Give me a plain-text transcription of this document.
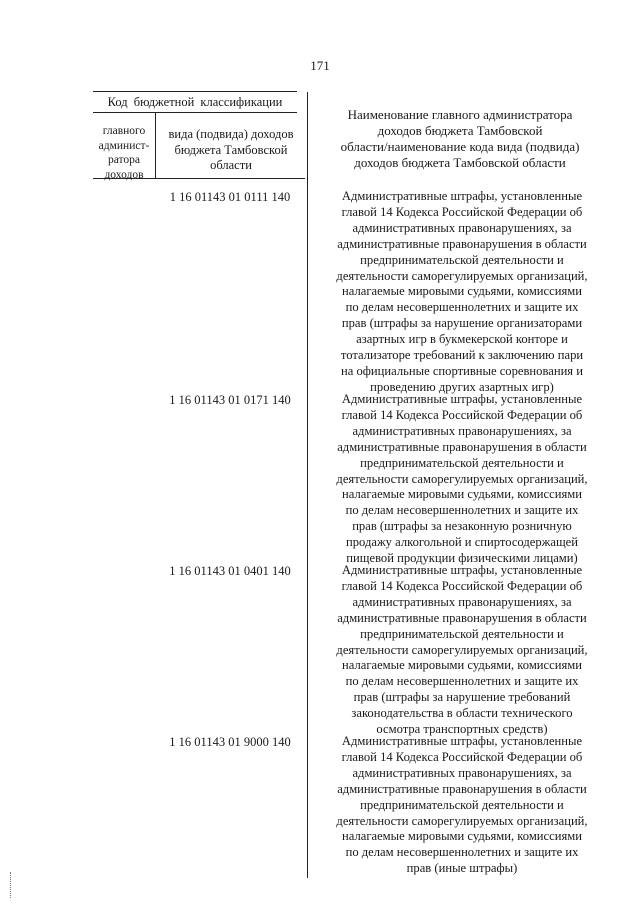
171
Код бюджетной классификации
главного
админист-
ратора
доходов
вида (подвида) доходов
бюджета Тамбовской
области
Наименование главного администратора
доходов бюджета Тамбовской
области/наименование кода вида (подвида)
доходов бюджета Тамбовской области
1 16 01143 01 0111 140	Административные штрафы, установленные
главой 14 Кодекса Российской Федерации об
административных правонарушениях, за
административные правонарушения в области
предпринимательской деятельности и
деятельности саморегулируемых организаций,
налагаемые мировыми судьями, комиссиями
по делам несовершеннолетних и защите их
прав (штрафы за нарушение организаторами
азартных игр в букмекерской конторе и
тотализаторе требований к заключению пари
на официальные спортивные соревнования и
проведению других азартных игр)
1 16 01143 01 0171 140	Административные штрафы, установленные
главой 14 Кодекса Российской Федерации об
административных правонарушениях, за
административные правонарушения в области
предпринимательской деятельности и
деятельности саморегулируемых организаций,
налагаемые мировыми судьями, комиссиями
по делам несовершеннолетних и защите их
прав (штрафы за незаконную розничную
продажу алкогольной и спиртосодержащей
пищевой продукции физическими лицами)
1 16 01143 01 0401 140	Административные штрафы, установленные
главой 14 Кодекса Российской Федерации об
административных правонарушениях, за
административные правонарушения в области
предпринимательской деятельности и
деятельности саморегулируемых организаций,
налагаемые мировыми судьями, комиссиями
по делам несовершеннолетних и защите их
прав (штрафы за нарушение требований
законодательства в области технического
осмотра транспортных средств)
1 16 01143 01 9000 140	Административные штрафы, установленные
главой 14 Кодекса Российской Федерации об
административных правонарушениях, за
административные правонарушения в области
предпринимательской деятельности и
деятельности саморегулируемых организаций,
налагаемые мировыми судьями, комиссиями
по делам несовершеннолетних и защите их
прав (иные штрафы)
